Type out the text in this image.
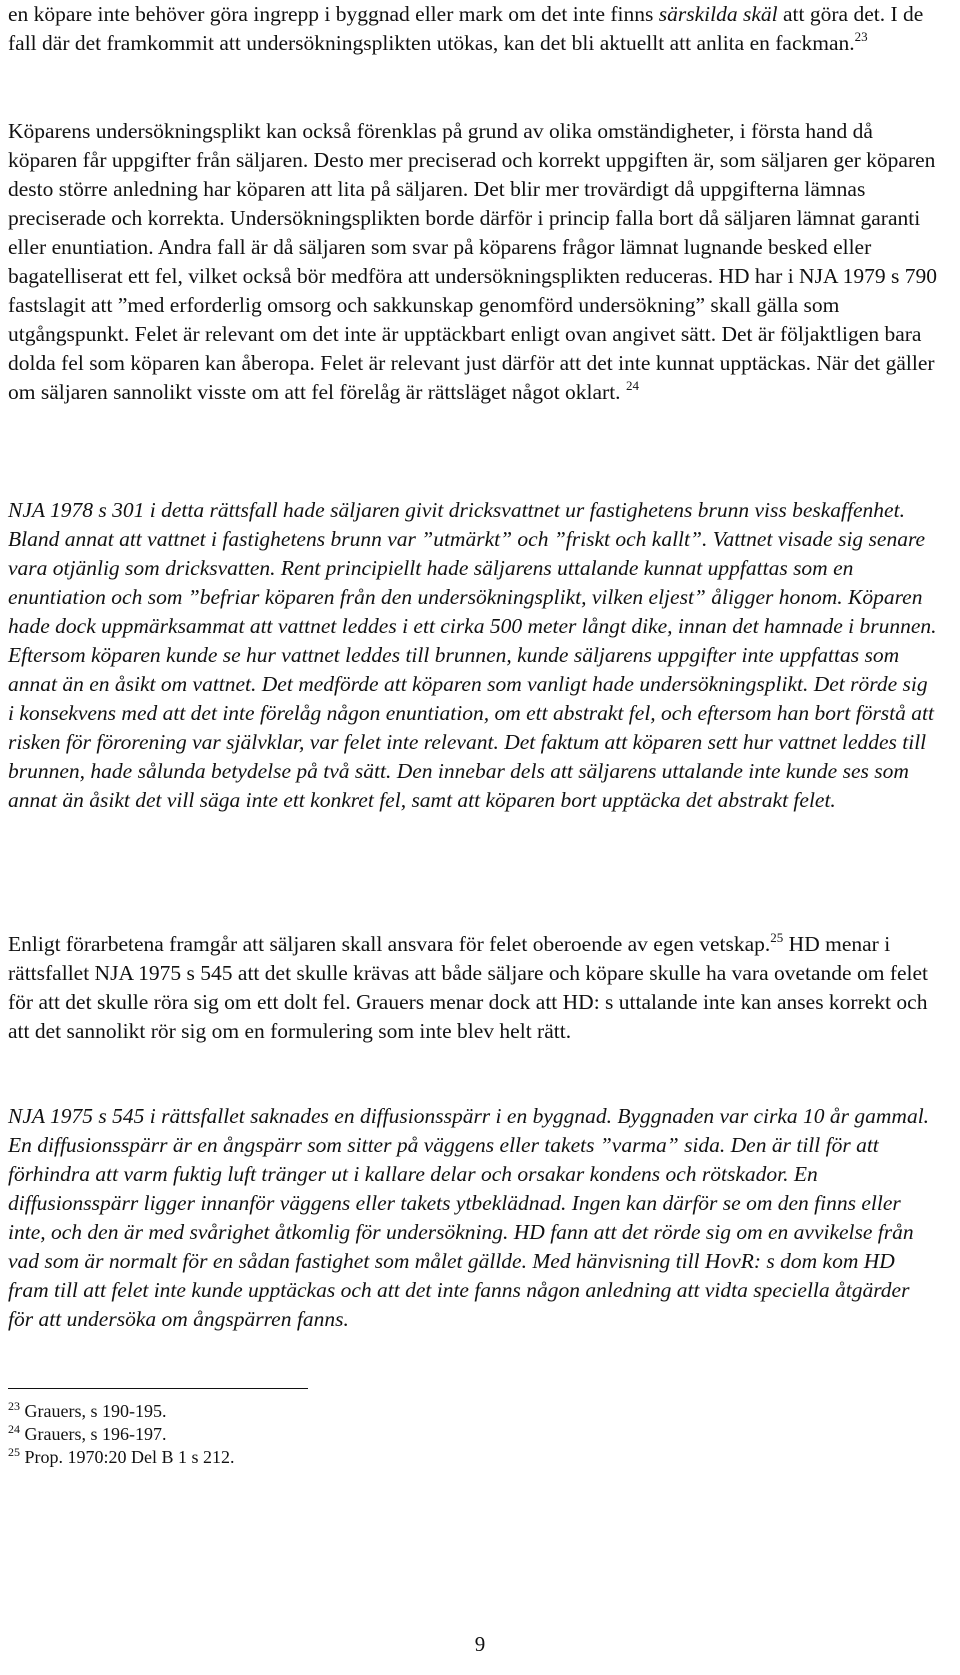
en köpare inte behöver göra ingrepp i byggnad eller mark om det inte finns särskilda skäl att göra det. I de fall där det framkommit att undersökningsplikten utökas, kan det bli aktuellt att anlita en fackman.$^{23}$

Köparens undersökningsplikt kan också förenklas på grund av olika omständigheter, i första hand då köparen får uppgifter från säljaren. Desto mer preciserad och korrekt uppgiften är, som säljaren ger köparen desto större anledning har köparen att lita på säljaren. Det blir mer trovärdigt då uppgifterna lämnas preciserade och korrekta. Undersökningsplikten borde därför i princip falla bort då säljaren lämnat garanti eller enuntiation. Andra fall är då säljaren som svar på köparens frågor lämnat lugnande besked eller bagatelliserat ett fel, vilket också bör medföra att undersökningsplikten reduceras. HD har i NJA 1979 s 790 fastslagit att ”med erforderlig omsorg och sakkunskap genomförd undersökning” skall gälla som utgångspunkt. Felet är relevant om det inte är upptäckbart enligt ovan angivet sätt. Det är följaktligen bara dolda fel som köparen kan åberopa. Felet är relevant just därför att det inte kunnat upptäckas. När det gäller om säljaren sannolikt visste om att fel förelåg är rättsläget något oklart. $^{24}$

NJA 1978 s 301 i detta rättsfall hade säljaren givit dricksvattnet ur fastighetens brunn viss beskaffenhet. Bland annat att vattnet i fastighetens brunn var ”utmärkt” och ”friskt och kallt”. Vattnet visade sig senare vara otjänlig som dricksvatten. Rent principiellt hade säljarens uttalande kunnat uppfattas som en enuntiation och som ”befriar köparen från den undersökningsplikt, vilken eljest” åligger honom. Köparen hade dock uppmärksammat att vattnet leddes i ett cirka 500 meter långt dike, innan det hamnade i brunnen. Eftersom köparen kunde se hur vattnet leddes till brunnen, kunde säljarens uppgifter inte uppfattas som annat än en åsikt om vattnet. Det medförde att köparen som vanligt hade undersökningsplikt. Det rörde sig i konsekvens med att det inte förelåg någon enuntiation, om ett abstrakt fel, och eftersom han bort förstå att risken för förorening var självklar, var felet inte relevant. Det faktum att köparen sett hur vattnet leddes till brunnen, hade sålunda betydelse på två sätt. Den innebar dels att säljarens uttalande inte kunde ses som annat än åsikt det vill säga inte ett konkret fel, samt att köparen bort upptäcka det abstrakt felet.

Enligt förarbetena framgår att säljaren skall ansvara för felet oberoende av egen vetskap.$^{25}$ HD menar i rättsfallet NJA 1975 s 545 att det skulle krävas att både säljare och köpare skulle ha vara ovetande om felet för att det skulle röra sig om ett dolt fel. Grauers menar dock att HD: s uttalande inte kan anses korrekt och att det sannolikt rör sig om en formulering som inte blev helt rätt.

NJA 1975 s 545 i rättsfallet saknades en diffusionsspärr i en byggnad. Byggnaden var cirka 10 år gammal. En diffusionsspärr är en ångspärr som sitter på väggens eller takets ”varma” sida. Den är till för att förhindra att varm fuktig luft tränger ut i kallare delar och orsakar kondens och rötskador. En diffusionsspärr ligger innanför väggens eller takets ytbeklädnad. Ingen kan därför se om den finns eller inte, och den är med svårighet åtkomlig för undersökning. HD fann att det rörde sig om en avvikelse från vad som är normalt för en sådan fastighet som målet gällde. Med hänvisning till HovR: s dom kom HD fram till att felet inte kunde upptäckas och att det inte fanns någon anledning att vidta speciella åtgärder för att undersöka om ångspärren fanns.

$^{23}$ Grauers, s 190-195.

$^{24}$ Grauers, s 196-197.

$^{25}$ Prop. 1970:20 Del B 1 s 212.

9
